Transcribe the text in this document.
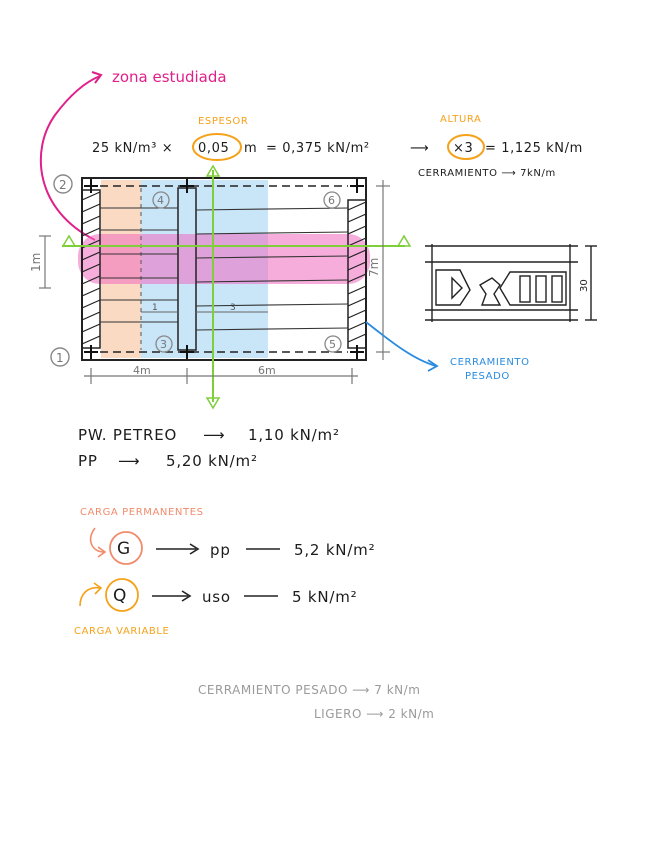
zona estudiada
ESPESOR	ALTURA
25 kN/m³ × 0,05 m = 0,375 kN/m²	⟶ ×3 = 1,125 kN/m
CERRAMIENTO ⟶ 7kN/m
1	3
2
4	6
1
3	5
1m	7m
4m	6m
CERRAMIENTO
PESADO
30
PW. PETREO ⟶ 1,10 kN/m²
PP ⟶ 5,20 kN/m²
CARGA PERMANENTES
G	pp	5,2 kN/m²
Q	uso	5 kN/m²
CARGA VARIABLE
CERRAMIENTO PESADO ⟶ 7 kN/m
LIGERO ⟶ 2 kN/m
